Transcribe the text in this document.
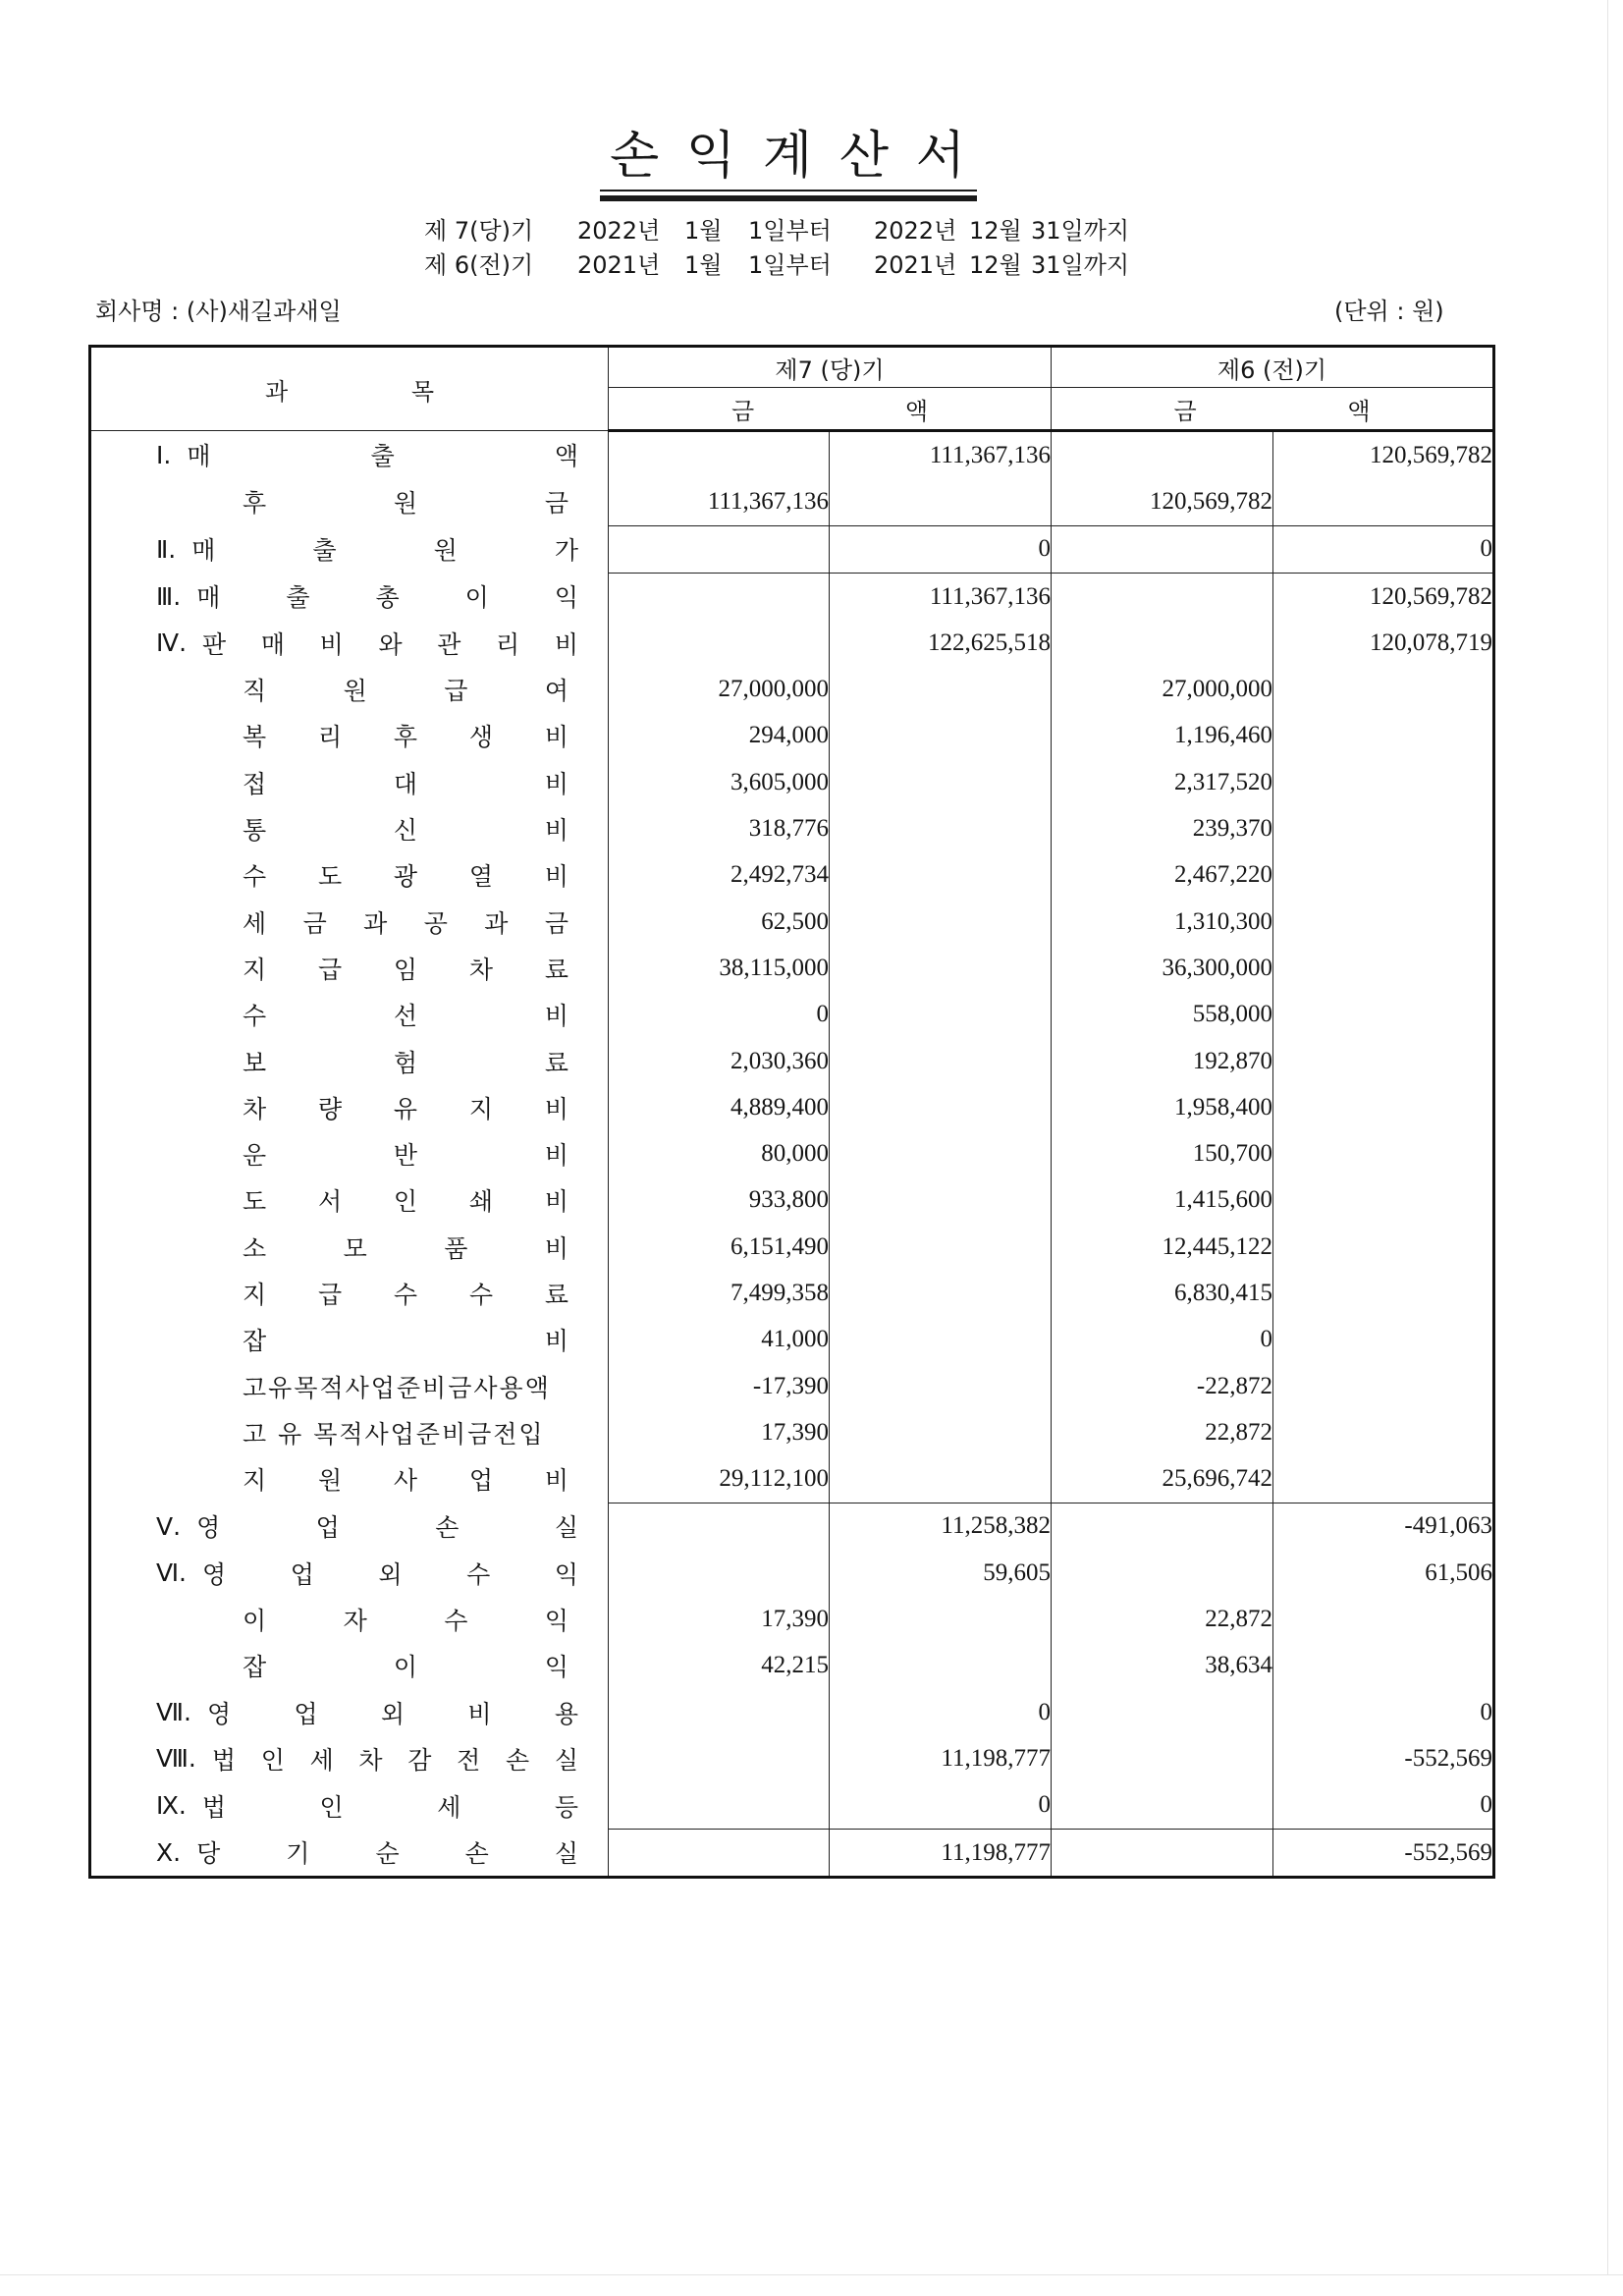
손 익 계 산 서
제 7(당)기 2022년 1월 1일부터 2022년 12월 31일까지
제 6(전)기 2021년 1월 1일부터 2021년 12월 31일까지
회사명 : (사)새길과새일	(단위 : 원)
과 목	제7 (당)기		제6 (전)기	
	금 액		금 액	

Ⅰ. 매 출 액		111,367,136		120,569,782

후 원 금	111,367,136		120,569,782	

Ⅱ. 매 출 원 가		0		0

Ⅲ. 매 출 총 이 익		111,367,136		120,569,782

Ⅳ. 판 매 비 와 관 리 비		122,625,518		120,078,719

직 원 급 여	27,000,000		27,000,000	

복 리 후 생 비	294,000		1,196,460	

접 대 비	3,605,000		2,317,520	

통 신 비	318,776		239,370	

수 도 광 열 비	2,492,734		2,467,220	

세 금 과 공 과 금	62,500		1,310,300	

지 급 임 차 료	38,115,000		36,300,000	

수 선 비	0		558,000	

보 험 료	2,030,360		192,870	

차 량 유 지 비	4,889,400		1,958,400	

운 반 비	80,000		150,700	

도 서 인 쇄 비	933,800		1,415,600	

소 모 품 비	6,151,490		12,445,122	

지 급 수 수 료	7,499,358		6,830,415	

잡 비	41,000		0	

고유목적사업준비금사용액	-17,390		-22,872	

고 유 목적사업준비금전입	17,390		22,872	

지 원 사 업 비	29,112,100		25,696,742	

Ⅴ. 영 업 손 실		11,258,382		-491,063

Ⅵ. 영 업 외 수 익		59,605		61,506

이 자 수 익	17,390		22,872	

잡 이 익	42,215		38,634	

Ⅶ. 영 업 외 비 용		0		0

Ⅷ. 법 인 세 차 감 전 손 실		11,198,777		-552,569

Ⅸ. 법 인 세 등		0		0

Ⅹ. 당 기 순 손 실		11,198,777		-552,569
